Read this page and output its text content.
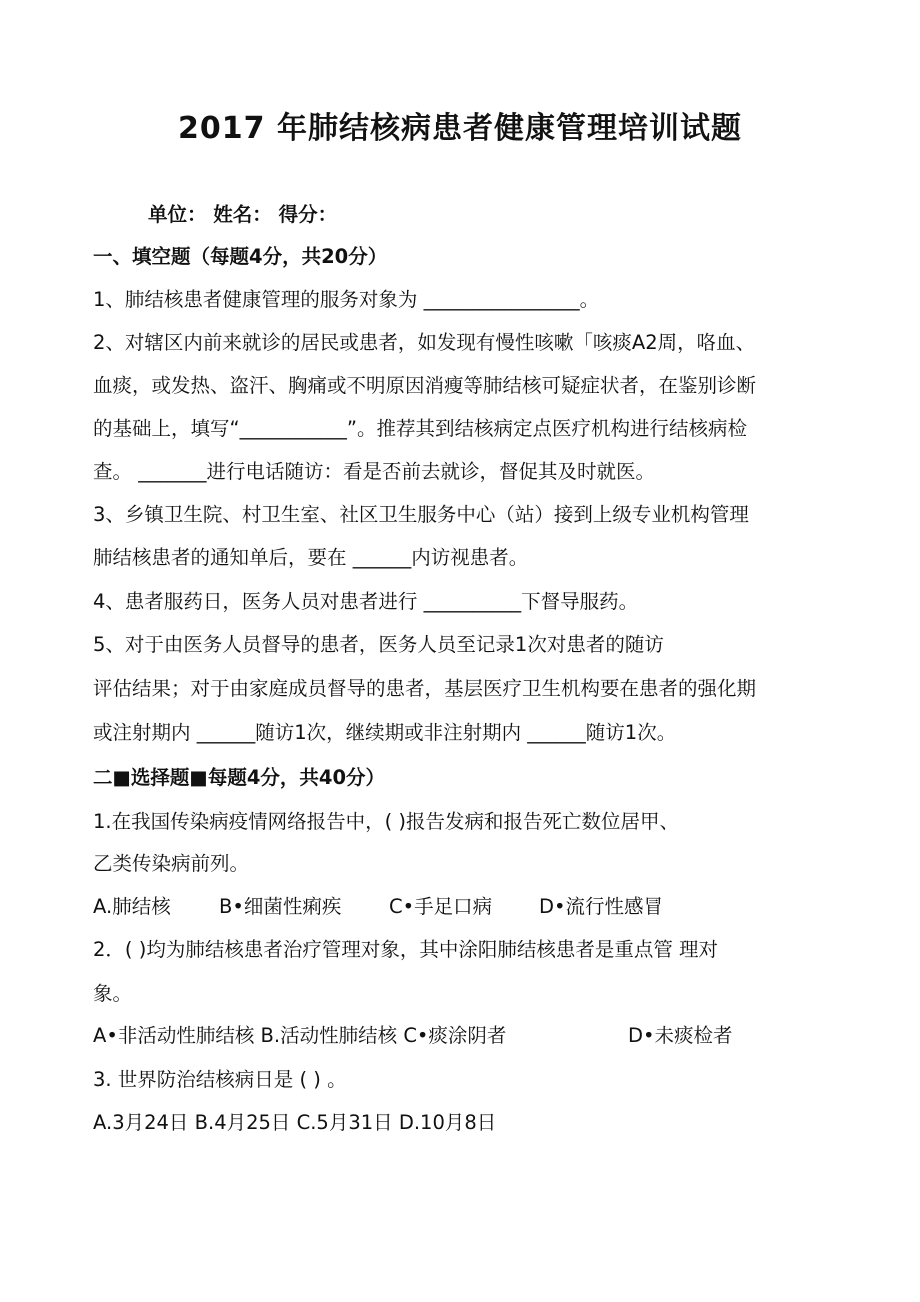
2017 年肺结核病患者健康管理培训试题
单位： 姓名： 得分：
一、填空题（每题4分，共20分）
1、肺结核患者健康管理的服务对象为 ________________。
2、对辖区内前来就诊的居民或患者，如发现有慢性咳嗽「咳痰A2周，咯血、
血痰，或发热、盗汗、胸痛或不明原因消瘦等肺结核可疑症状者，在鉴别诊断
的基础上，填写“___________”。推荐其到结核病定点医疗机构进行结核病检
查。 _______进行电话随访：看是否前去就诊，督促其及时就医。
3、乡镇卫生院、村卫生室、社区卫生服务中心（站）接到上级专业机构管理
肺结核患者的通知单后，要在 ______内访视患者。
4、患者服药日，医务人员对患者进行 __________下督导服药。
5、对于由医务人员督导的患者，医务人员至记录1次对患者的随访
评估结果；对于由家庭成员督导的患者，基层医疗卫生机构要在患者的强化期
或注射期内 ______随访1次，继续期或非注射期内 ______随访1次。
二■选择题■每题4分，共40分）
1.在我国传染病疫情网络报告中，( )报告发病和报告死亡数位居甲、
乙类传染病前列。
A.肺结核 B•细菌性痢疾 C•手足口病 D•流行性感冒
2．( )均为肺结核患者治疗管理对象，其中涂阳肺结核患者是重点管 理对
象。
A•非活动性肺结核 B.活动性肺结核 C•痰涂阴者	D•未痰检者
3. 世界防治结核病日是 ( ) 。
A.3月24日 B.4月25日 C.5月31日 D.10月8日
